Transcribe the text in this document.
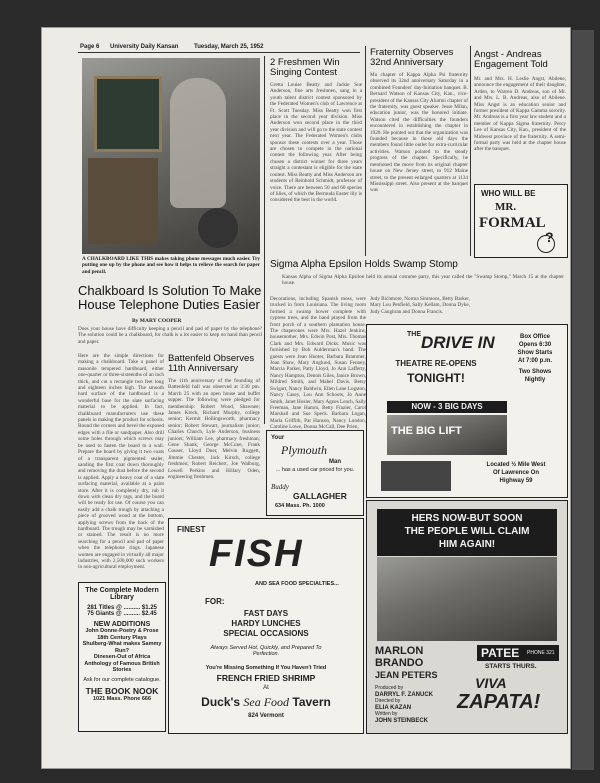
Page 6 University Daily Kansan	Tuesday, March 25, 1952
A CHALKBOARD LIKE THIS makes taking phone messages much easier. Try putting one up by the phone and see how it helps to relieve the search for paper and pencil.
Chalkboard Is Solution To Make House Telephone Duties Easier
By MARY COOPER
Does your house have difficulty keeping a pencil and pad of paper by the telephone? The solution could be a chalkboard, for chalk is a lot easier to keep on hand than pencil and paper.
Here are the simple directions for making a chalkboard. Take a panel of masonite tempered hardboard, either one-quarter or three-sixteenths of an inch thick, and cut a rectangle two feet long and eighteen inches high. The smooth hard surface of the hardboard is a wonderful base for the slate surfacing material to be applied. In fact, chalkboard manufacturers use these panels in making the product for schools. Round the corners and bevel the exposed edges with a file or sandpaper. Also drill some holes through which screws may be used to fasten the board to a wall. Prepare the board by giving it two coats of a transparent pigmented sealer, sanding the first coat down thoroughly and removing the dust before the second is applied. Apply a heavy coat of a slate surfacing material, available at a paint store. After it is completely dry, rub it down with clean dry rags, and the board will be ready for use. Of course you can easily add a chalk trough by attaching a piece of grooved wood at the bottom, applying screws from the back of the hardboard. The trough may be varnished or stained. The result is no more searching for a pencil and pad of paper when the telephone rings. Japanese women are engaged in virtually all major industries, with 2,500,000 such workers in non-agricultural employment.
Battenfeld Observes 11th Anniversary
The 11th anniversary of the founding of Battenfeld hall was observed at 3:30 pm. March 25 with an open house and buffet supper. The following were pledged for membership: Robert Wood, Shawnee; James Kreck, Richard Murphy, college senior; Kermit Hollingsworth, pharmacy senior; Robert Stewart, journalism junior; Charles Church, Lyle Anderson, business juniors; William Lee, pharmacy freshman; Gene Shank, George McCune, Frank Couser, Lloyd Duer, Melvin Ruggett, Jimmie Chester, Jack Kirsch, college freshmen; Robert Reichert, Joe Walburg, Lowell Perkins and Hillary Oden, engineering freshmen.
The Complete Modern Library
281 Titles @ .......... $1.25
75 Giants @ .......... $2.45
NEW ADDITIONS
John Donne-Poetry & Prose
18th Century Plays
Shulberg-What makes Sammy Run?
Dinesen-Out of Africa
Anthology of Famous British Stories
Ask for our complete catalogue.
THE BOOK NOOK
1021 Mass. Phone 666
Your
Plymouth
Man
... has a used car priced for you.
Buddy
GALLAGHER
634 Mass. Ph. 1000
FINEST
FISH
AND SEA FOOD SPECIALTIES...
FOR:
FAST DAYS
HARDY LUNCHES
SPECIAL OCCASIONS
Always Served Hot, Quickly, and Prepared To Perfection.
You're Missing Something If You Haven't Tried
FRENCH FRIED SHRIMP
At
Duck's Sea Food Tavern
824 Vermont
2 Freshmen Win Singing Contest
Gretta Louise Beatty and Jackie Sue Anderson, fine arts freshmen, sang in a youth talent district contest sponsored by the Federated Women's club of Lawrence at Ft. Scott Tuesday. Miss Beatty won first place in the second year division. Miss Anderson won second place in the third year division and will go to the state contest next year. The Federated Women's clubs sponsor these contests over a year. Those are chosen to compete in the national contest the following year. After being chosen a district winner for three years straight a contestant is eligible for the state contest. Miss Beatty and Miss Anderson are students of Reinhold Schmidt, professor of voice. There are between 50 and 60 species of lilies, of which the Bermuda Easter lily is considered the best in the world.
Fraternity Observes 32nd Anniversary
Mu chapter of Kappa Alpha Psi fraternity observed its 32nd anniversary Saturday in a combined Founders' day-Initiation banquet. B. Bernard Watson of Kansas City, Kan., vice-president of the Kansas City Alumni chapter of the fraternity, was guest speaker. Jesse Milan, education junior, was the honored initiate. Watson cited the difficulties the founders encountered in establishing the chapter in 1920. He pointed out that the organization was founded because in those old days the members found little outlet for extra-curricular activities. Watson pointed to the steady progress of the chapter. Specifically, he mentioned the move from its original chapter house on New Jersey street, to 912 Maine street, to the present enlarged quarters at 1134 Mississippi street. Also present at the banquet was
Angst - Andreas Engagement Told
Mr. and Mrs. H. Leslie Angst, Abilene, announce the engagement of their daughter, Arden, to Warren D. Andreas, son of Mr. and Mrs. L. B. Andreas, also of Abilene. Miss Angst is an education senior and former president of Kappa Gamma sorority. Mr. Andreas is a first year law student and a member of Kappa Sigma fraternity. Percy Lee of Kansas City, Kan., president of the Midwest province of the fraternity. A semi-formal party was held at the chapter house after the banquet.
WHO WILL BE
MR.
FORMAL
?
Sigma Alpha Epsilon Holds Swamp Stomp
Kansas Alpha of Sigma Alpha Epsilon held its annual costume party, this year called the "Swamp Stomp," March 15 at the chapter house.
Decorations, including Spanish moss, were trucked in from Louisiana. The living room formed a swamp bower complete with cypress trees, and the band played from the front porch of a southern plantation house. The chaperones were Mrs. Hazel Jenkins, housemother, Mrs. Edwin Post, Mrs. Thomas Clark and Mrs. Edward Dicks. Music was furnished by Bob Aulderman's band. The guests were Jean Hunter, Barbara Brammer, Joan Shaw, Mary Anglund, Susan Fenney, Marcia Parker, Patty Lloyd, Jo Ann Lafferty, Nancy Hampton, Dennis Giles, Janice Brown, Mildred Smith, and Mabel Davis. Betsy Swigart, Nancy Baldwin, Ellen Lane Logston, Nancy Casey, Lou Ann Schoots, Jo Anne Smith, Janet Hosler, Mary Agnes Leach, Sally Freeman, Jane Hamm, Betty Frazier, Carol Marshall and Sue Speck. Barbara Logan, Marla Griffith, Pat Hanson, Nancy London, Caroline Lowe, Donna McCall, Dee Prien,
Judy Bichmore, Norma Simmons, Betty Barker, Mary Lou Penfield, Sally Kellam, Donna Dyke, Judy Caughran and Donna Francis.
THE DRIVE IN
THEATRE RE-OPENS
TONIGHT!
Box Office
Opens 6:30
Show Starts
At 7:00 p.m.
Two Shows
Nightly
NOW - 3 BIG DAYS
THE BIG LIFT
Located ½ Mile West
Of Lawrence On
Highway 59
HERS NOW-BUT SOON
THE PEOPLE WILL CLAIM
HIM AGAIN!
MARLON
BRANDO
JEAN PETERS
Produced by
DARRYL F. ZANUCK
Directed by
ELIA KAZAN
Written by
JOHN STEINBECK
PATEE PHONE 321
STARTS THURS.
VIVA
ZAPATA!
